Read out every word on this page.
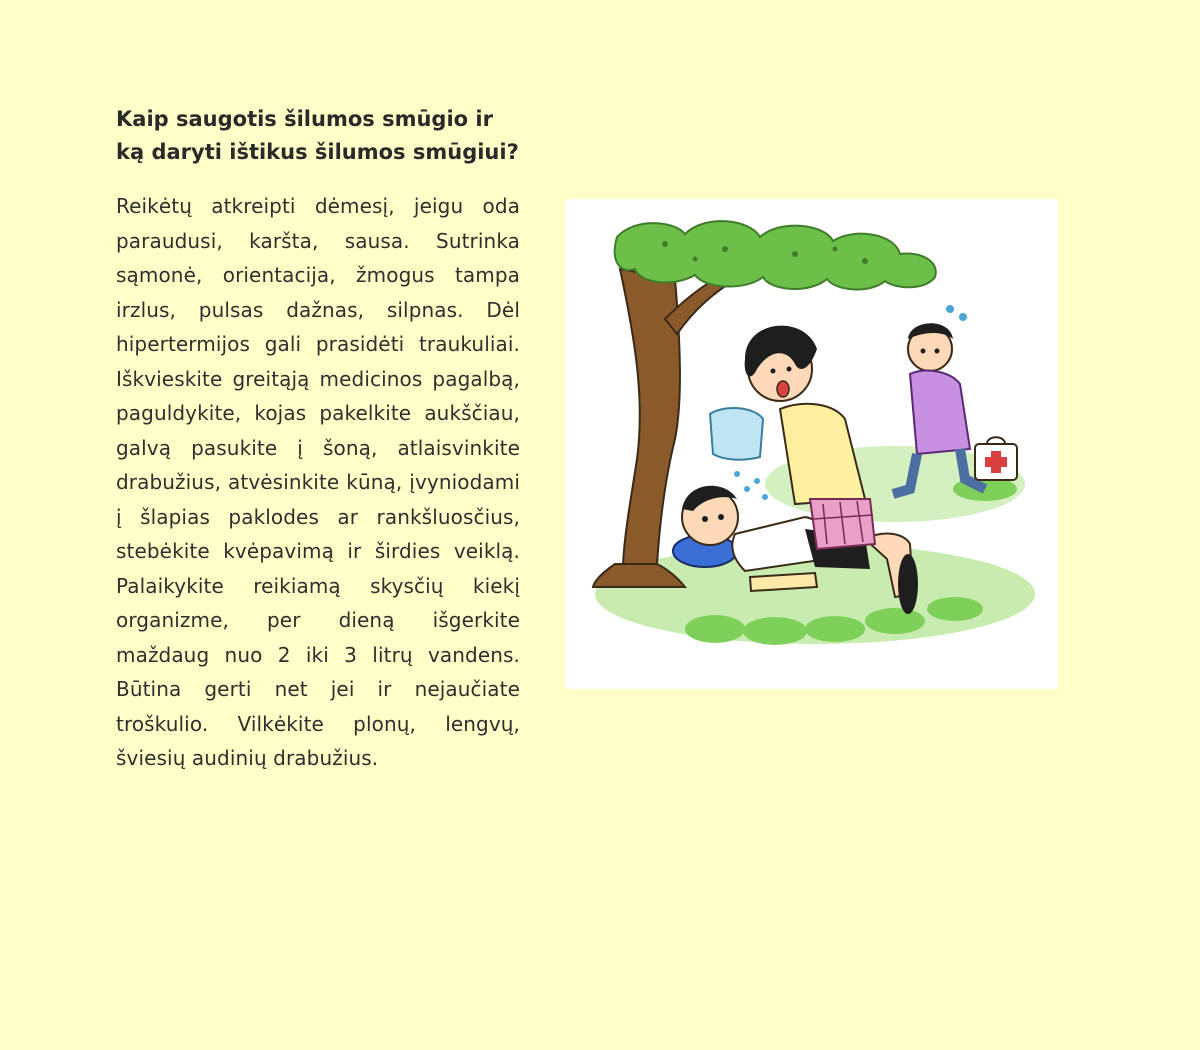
Kaip saugotis šilumos smūgio ir ką daryti ištikus šilumos smūgiui?

Reikėtų atkreipti dėmesį, jeigu oda paraudusi, karšta, sausa. Sutrinka sąmonė, orientacija, žmogus tampa irzlus, pulsas dažnas, silpnas. Dėl hipertermijos gali prasidėti traukuliai. Iškvieskite greitąją medicinos pagalbą, paguldykite, kojas pakelkite aukščiau, galvą pasukite į šoną, atlaisvinkite drabužius, atvėsinkite kūną, įvyniodami į šlapias paklodes ar rankšluosčius, stebėkite kvėpavimą ir širdies veiklą. Palaikykite reikiamą skysčių kiekį organizme, per dieną išgerkite maždaug nuo 2 iki 3 litrų vandens. Būtina gerti net jei ir nejaučiate troškulio. Vilkėkite plonų, lengvų, šviesių audinių drabužius.
